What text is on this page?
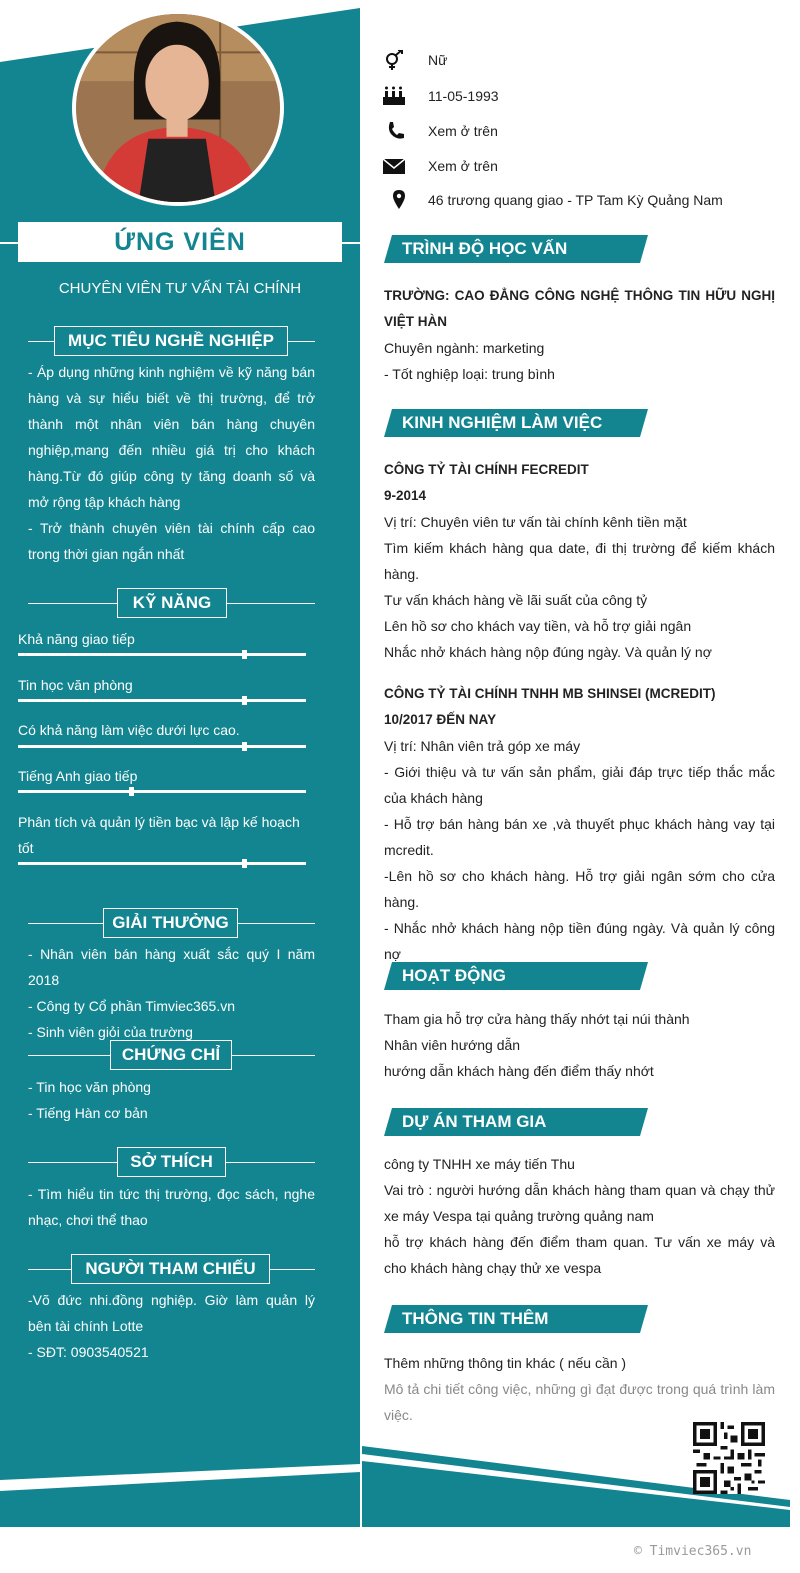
ỨNG VIÊN
CHUYÊN VIÊN TƯ VẤN TÀI CHÍNH
MỤC TIÊU NGHỀ NGHIỆP

- Áp dụng những kinh nghiệm về kỹ năng bán hàng và sự hiểu biết về thị trường, để trở thành một nhân viên bán hàng chuyên nghiệp,mang đến nhiều giá trị cho khách hàng.Từ đó giúp công ty tăng doanh số và mở rộng tập khách hàng

- Trở thành chuyên viên tài chính cấp cao trong thời gian ngắn nhất

KỸ NĂNG
Khả năng giao tiếp
Tin học văn phòng
Có khả năng làm việc dưới lực cao.
Tiếng Anh giao tiếp
Phân tích và quản lý tiền bạc và lập kế hoạch tốt
GIẢI THƯỞNG

- Nhân viên bán hàng xuất sắc quý I năm 2018

- Công ty Cổ phần Timviec365.vn

- Sinh viên giỏi của trường

CHỨNG CHỈ

- Tin học văn phòng

- Tiếng Hàn cơ bản

SỞ THÍCH

- Tìm hiểu tin tức thị trường, đọc sách, nghe nhạc, chơi thể thao

NGƯỜI THAM CHIẾU

-Võ đức nhi.đồng nghiệp. Giờ làm quản lý bên tài chính Lotte

- SĐT: 0903540521

Nữ
11-05-1993
Xem ở trên
Xem ở trên
46 trương quang giao - TP Tam Kỳ Quảng Nam
TRÌNH ĐỘ HỌC VẤN

TRƯỜNG: CAO ĐẲNG CÔNG NGHỆ THÔNG TIN HỮU NGHỊ VIỆT HÀN

Chuyên ngành: marketing

- Tốt nghiệp loại: trung bình

KINH NGHIỆM LÀM VIỆC

CÔNG TỶ TÀI CHÍNH FECREDIT

9-2014

Vị trí: Chuyên viên tư vấn tài chính kênh tiền mặt

Tìm kiếm khách hàng qua date, đi thị trường để kiếm khách hàng.

Tư vấn khách hàng về lãi suất của công tỷ

Lên hồ sơ cho khách vay tiền, và hỗ trợ giải ngân

Nhắc nhở khách hàng nộp đúng ngày. Và quản lý nợ

CÔNG TỶ TÀI CHÍNH TNHH MB SHINSEI (MCREDIT)

10/2017 ĐẾN NAY

Vị trí: Nhân viên trả góp xe máy

- Giới thiệu và tư vấn sản phẩm, giải đáp trực tiếp thắc mắc của khách hàng

- Hỗ trợ bán hàng bán xe ,và thuyết phục khách hàng vay tại mcredit.

-Lên hồ sơ cho khách hàng. Hỗ trợ giải ngân sớm cho cửa hàng.

- Nhắc nhở khách hàng nộp tiền đúng ngày. Và quản lý công nợ

HOẠT ĐỘNG

Tham gia hỗ trợ cửa hàng thấy nhớt tại núi thành

Nhân viên hướng dẫn

hướng dẫn khách hàng đến điểm thấy nhớt

DỰ ÁN THAM GIA

công ty TNHH xe máy tiến Thu

Vai trò : người hướng dẫn khách hàng tham quan và chạy thử xe máy Vespa tại quảng trường quảng nam

hỗ trợ khách hàng đến điểm tham quan. Tư vấn xe máy và cho khách hàng chạy thử xe vespa

THÔNG TIN THÊM

Thêm những thông tin khác ( nếu cần )

Mô tả chi tiết công việc, những gì đạt được trong quá trình làm việc.

© Timviec365.vn
